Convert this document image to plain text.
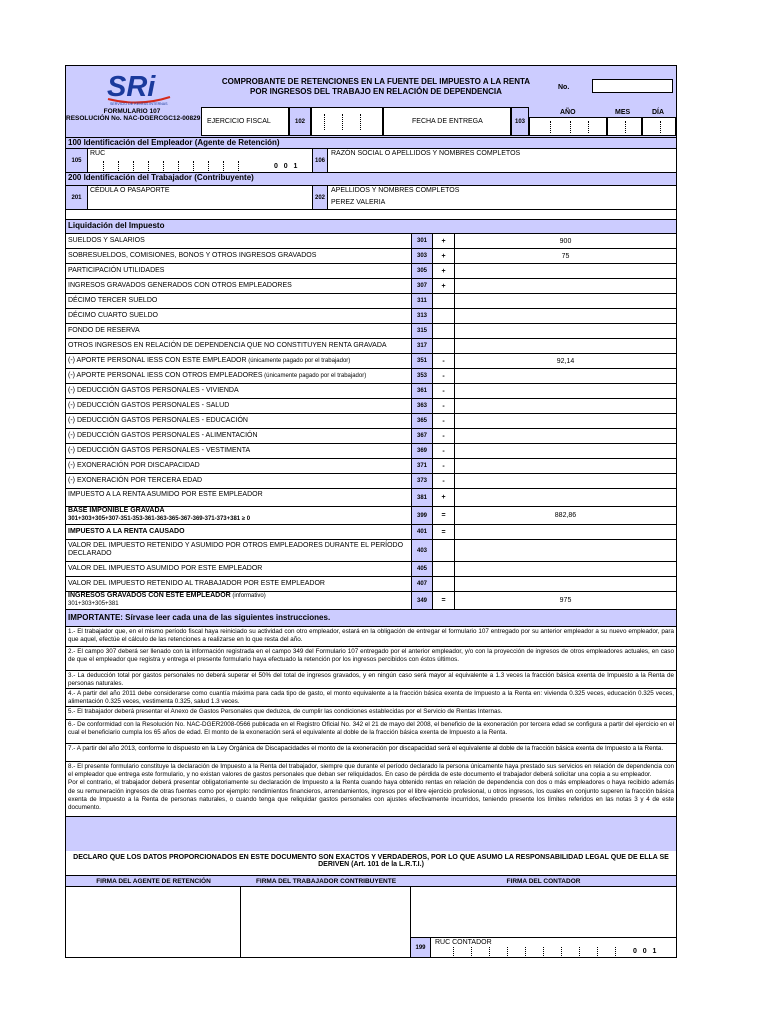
SRi
SERVICIO DE RENTAS INTERNAS
FORMULARIO 107
RESOLUCIÓN No. NAC-DGERCGC12-00829
COMPROBANTE DE RETENCIONES EN LA FUENTE DEL IMPUESTO A LA RENTA
POR INGRESOS DEL TRABAJO EN RELACIÓN DE DEPENDENCIA	No.
EJERCICIO FISCAL	102	FECHA DE ENTREGA	103
AÑO	MES	DÍA
100 Identificación del Empleador (Agente de Retención)
105
RUC
0   0   1
106
RAZÓN SOCIAL O APELLIDOS Y NOMBRES COMPLETOS
200 Identificación del Trabajador (Contribuyente)
201
CÉDULA O PASAPORTE
202
APELLIDOS Y NOMBRES COMPLETOS
PEREZ VALERIA
Liquidación del Impuesto
SUELDOS Y SALARIOS	301	+	900
SOBRESUELDOS, COMISIONES, BONOS Y OTROS INGRESOS GRAVADOS	303	+	75
PARTICIPACIÓN UTILIDADES	305	+
INGRESOS GRAVADOS GENERADOS CON OTROS EMPLEADORES	307	+
DÉCIMO TERCER SUELDO	311
DÉCIMO CUARTO SUELDO	313
FONDO DE RESERVA	315
OTROS INGRESOS EN RELACIÓN DE DEPENDENCIA QUE NO CONSTITUYEN RENTA GRAVADA	317
(-) APORTE PERSONAL IESS CON ESTE EMPLEADOR (únicamente pagado por el trabajador)	351	-	92,14
(-) APORTE PERSONAL IESS CON OTROS EMPLEADORES (únicamente pagado por el trabajador)	353	-
(-) DEDUCCIÓN GASTOS PERSONALES - VIVIENDA	361	-
(-) DEDUCCIÓN GASTOS PERSONALES - SALUD	363	-
(-) DEDUCCIÓN GASTOS PERSONALES - EDUCACIÓN	365	-
(-) DEDUCCIÓN GASTOS PERSONALES - ALIMENTACIÓN	367	-
(-) DEDUCCIÓN GASTOS PERSONALES - VESTIMENTA	369	-
(-) EXONERACIÓN POR DISCAPACIDAD	371	-
(-) EXONERACIÓN POR TERCERA EDAD	373	-
IMPUESTO A LA RENTA ASUMIDO POR ESTE EMPLEADOR	381	+
BASE IMPONIBLE GRAVADA
301+303+305+307-351-353-361-363-365-367-369-371-373+381 ≥ 0
399	=	882,86
IMPUESTO A LA RENTA CAUSADO	401	=
VALOR DEL IMPUESTO RETENIDO Y ASUMIDO POR OTROS EMPLEADORES DURANTE EL PERÍODO DECLARADO	403
VALOR DEL IMPUESTO ASUMIDO POR ESTE EMPLEADOR	405
VALOR DEL IMPUESTO RETENIDO AL TRABAJADOR POR ESTE EMPLEADOR	407
INGRESOS GRAVADOS CON ESTE EMPLEADOR (informativo)
301+303+305+381
349	=	975
IMPORTANTE: Sírvase leer cada una de las siguientes instrucciones.
1.- El trabajador que, en el mismo período fiscal haya reiniciado su actividad con otro empleador, estará en la obligación de entregar el formulario 107 entregado por su anterior empleador a su nuevo empleador, para que aquel, efectúe el cálculo de las retenciones a realizarse en lo que resta del año.
2.- El campo 307 deberá ser llenado con la información registrada en el campo 349 del Formulario 107 entregado por el anterior empleador, y/o con la proyección de ingresos de otros empleadores actuales, en caso de que el empleador que registra y entrega el presente formulario haya efectuado la retención por los ingresos percibidos con éstos últimos.
3.- La deducción total por gastos personales no deberá superar el 50% del total de ingresos gravados, y en ningún caso será mayor al equivalente a 1.3 veces la fracción básica exenta de Impuesto a la Renta de personas naturales.
4.- A partir del año 2011 debe considerarse como cuantía máxima para cada tipo de gasto, el monto equivalente a la fracción básica exenta de Impuesto a la Renta en: vivienda 0.325 veces, educación 0.325 veces, alimentación 0.325 veces, vestimenta 0.325, salud 1.3 veces.
5.- El trabajador deberá presentar el Anexo de Gastos Personales que deduzca, de cumplir las condiciones establecidas por el Servicio de Rentas Internas.
6.- De conformidad con la Resolución No. NAC-DGER2008-0566 publicada en el Registro Oficial No. 342 el 21 de mayo del 2008, el beneficio de la exoneración por tercera edad se configura a partir del ejercicio en el cual el beneficiario cumpla los 65 años de edad. El monto de la exoneración será el equivalente al doble de la fracción básica exenta de Impuesto a la Renta.
7.- A partir del año 2013, conforme lo dispuesto en la Ley Orgánica de Discapacidades el monto de la exoneración por discapacidad será el equivalente al doble de la fracción básica exenta de Impuesto a la Renta.
8.- El presente formulario constituye la declaración de Impuesto a la Renta del trabajador, siempre que durante el período declarado la persona únicamente haya prestado sus servicios en relación de dependencia con el empleador que entrega este formulario, y no existan valores de gastos personales que deban ser reliquidados. En caso de pérdida de este documento el trabajador deberá solicitar una copia a su empleador.
Por el contrario, el trabajador deberá presentar obligatoriamente su declaración de Impuesto a la Renta cuando haya obtenido rentas en relación de dependencia con dos o más empleadores o haya recibido además de su remuneración ingresos de otras fuentes como por ejemplo: rendimientos financieros, arrendamientos, ingresos por el libre ejercicio profesional, u otros ingresos, los cuales en conjunto superen la fracción básica exenta de Impuesto a la Renta de personas naturales, o cuando tenga que reliquidar gastos personales con ajustes efectivamente incurridos, teniendo presente los límites referidos en las notas 3 y 4 de este documento.
DECLARO QUE LOS DATOS PROPORCIONADOS EN ESTE DOCUMENTO SON EXACTOS Y VERDADEROS, POR LO QUE ASUMO LA RESPONSABILIDAD LEGAL QUE DE ELLA SE DERIVEN (Art. 101 de la L.R.T.I.)
FIRMA DEL AGENTE DE RETENCIÓN	FIRMA DEL TRABAJADOR CONTRIBUYENTE	FIRMA DEL CONTADOR
199
RUC CONTADOR
0   0   1
